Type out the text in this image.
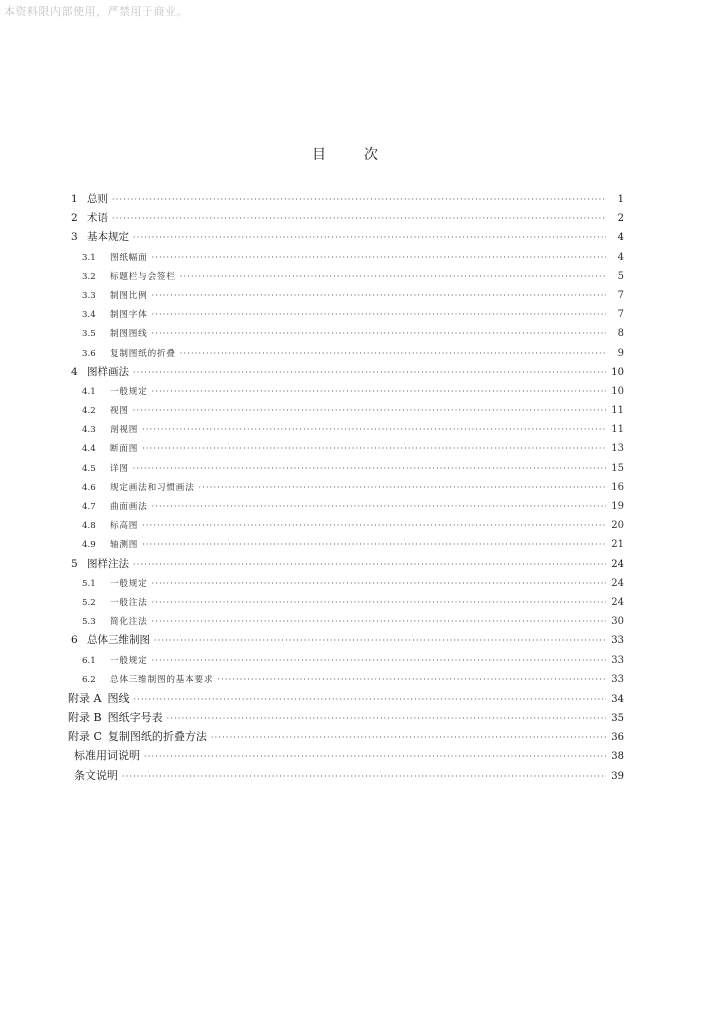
本资料限内部使用，严禁用于商业。
目次
1 总则 ·····	1
2 术语 ·····	2
3 基本规定 ·····	4
3.1	图纸幅面 ·····	4
3.2	标题栏与会签栏 ·····	5
3.3	制图比例 ·····	7
3.4	制图字体 ·····	7
3.5	制图图线 ·····	8
3.6	复制图纸的折叠 ·····	9
4 图样画法 ·····	10
4.1	一般规定 ·····	10
4.2	视图 ·····	11
4.3	剖视图 ·····	11
4.4	断面图 ·····	13
4.5	详图 ·····	15
4.6	规定画法和习惯画法 ·····	16
4.7	曲面画法 ·····	19
4.8	标高图 ·····	20
4.9	轴测图 ·····	21
5 图样注法 ·····	24
5.1	一般规定 ·····	24
5.2	一般注法 ·····	24
5.3	简化注法 ·····	30
6 总体三维制图 ·····	33
6.1	一般规定 ·····	33
6.2	总体三维制图的基本要求 ·····	33
附录 A 图线 ·····	34
附录 B 图纸字号表 ·····	35
附录 C 复制图纸的折叠方法 ·····	36
标准用词说明 ·····	38
条文说明 ·····	39
